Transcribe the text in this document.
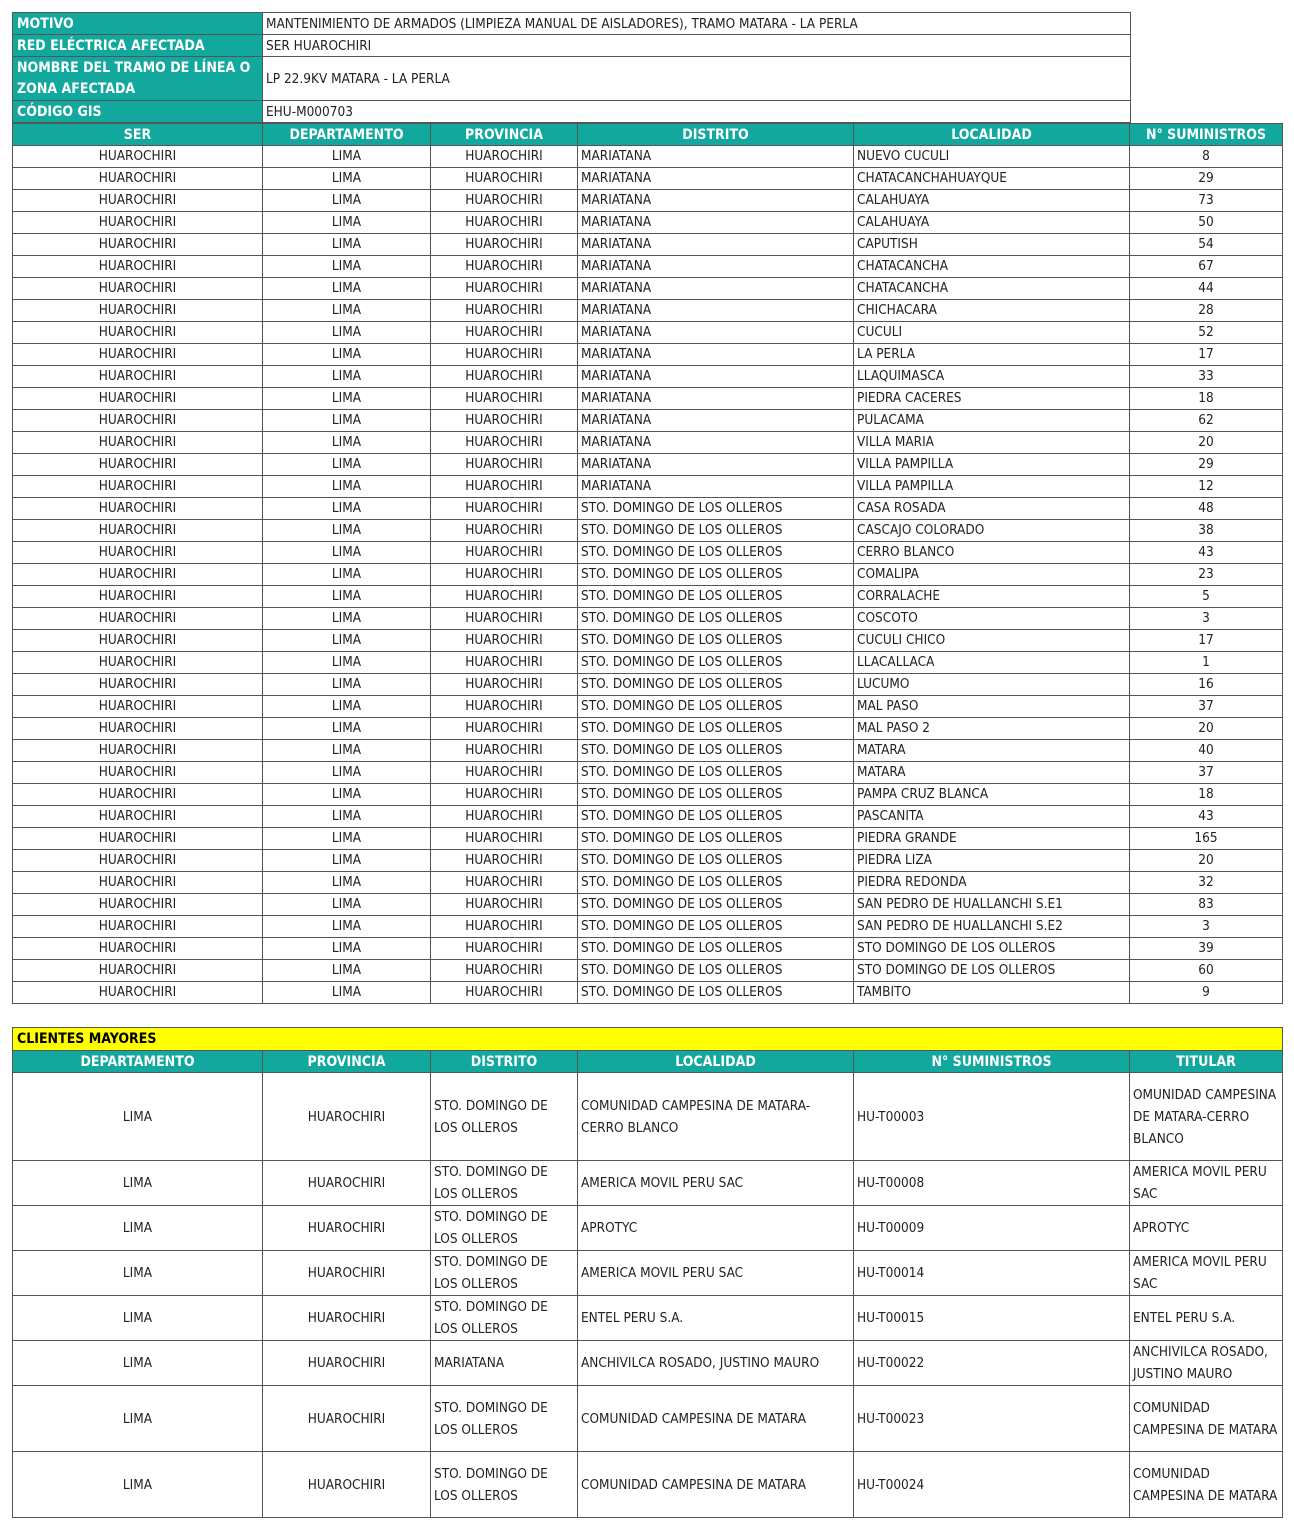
MOTIVO	MANTENIMIENTO DE ARMADOS (LIMPIEZA MANUAL DE AISLADORES), TRAMO MATARA - LA PERLA
RED ELÉCTRICA AFECTADA	SER HUAROCHIRI

NOMBRE DEL TRAMO DE LÍNEA O
ZONA AFECTADA	LP 22.9KV MATARA - LA PERLA
CÓDIGO GIS	EHU-M000703
SER	DEPARTAMENTO	PROVINCIA	DISTRITO	LOCALIDAD	N° SUMINISTROS
HUAROCHIRI	LIMA	HUAROCHIRI	MARIATANA	NUEVO CUCULI	8
HUAROCHIRI	LIMA	HUAROCHIRI	MARIATANA	CHATACANCHAHUAYQUE	29
HUAROCHIRI	LIMA	HUAROCHIRI	MARIATANA	CALAHUAYA	73
HUAROCHIRI	LIMA	HUAROCHIRI	MARIATANA	CALAHUAYA	50
HUAROCHIRI	LIMA	HUAROCHIRI	MARIATANA	CAPUTISH	54
HUAROCHIRI	LIMA	HUAROCHIRI	MARIATANA	CHATACANCHA	67
HUAROCHIRI	LIMA	HUAROCHIRI	MARIATANA	CHATACANCHA	44
HUAROCHIRI	LIMA	HUAROCHIRI	MARIATANA	CHICHACARA	28
HUAROCHIRI	LIMA	HUAROCHIRI	MARIATANA	CUCULI	52
HUAROCHIRI	LIMA	HUAROCHIRI	MARIATANA	LA PERLA	17
HUAROCHIRI	LIMA	HUAROCHIRI	MARIATANA	LLAQUIMASCA	33
HUAROCHIRI	LIMA	HUAROCHIRI	MARIATANA	PIEDRA CACERES	18
HUAROCHIRI	LIMA	HUAROCHIRI	MARIATANA	PULACAMA	62
HUAROCHIRI	LIMA	HUAROCHIRI	MARIATANA	VILLA MARIA	20
HUAROCHIRI	LIMA	HUAROCHIRI	MARIATANA	VILLA PAMPILLA	29
HUAROCHIRI	LIMA	HUAROCHIRI	MARIATANA	VILLA PAMPILLA	12
HUAROCHIRI	LIMA	HUAROCHIRI	STO. DOMINGO DE LOS OLLEROS	CASA ROSADA	48
HUAROCHIRI	LIMA	HUAROCHIRI	STO. DOMINGO DE LOS OLLEROS	CASCAJO COLORADO	38
HUAROCHIRI	LIMA	HUAROCHIRI	STO. DOMINGO DE LOS OLLEROS	CERRO BLANCO	43
HUAROCHIRI	LIMA	HUAROCHIRI	STO. DOMINGO DE LOS OLLEROS	COMALIPA	23
HUAROCHIRI	LIMA	HUAROCHIRI	STO. DOMINGO DE LOS OLLEROS	CORRALACHE	5
HUAROCHIRI	LIMA	HUAROCHIRI	STO. DOMINGO DE LOS OLLEROS	COSCOTO	3
HUAROCHIRI	LIMA	HUAROCHIRI	STO. DOMINGO DE LOS OLLEROS	CUCULI CHICO	17
HUAROCHIRI	LIMA	HUAROCHIRI	STO. DOMINGO DE LOS OLLEROS	LLACALLACA	1
HUAROCHIRI	LIMA	HUAROCHIRI	STO. DOMINGO DE LOS OLLEROS	LUCUMO	16
HUAROCHIRI	LIMA	HUAROCHIRI	STO. DOMINGO DE LOS OLLEROS	MAL PASO	37
HUAROCHIRI	LIMA	HUAROCHIRI	STO. DOMINGO DE LOS OLLEROS	MAL PASO 2	20
HUAROCHIRI	LIMA	HUAROCHIRI	STO. DOMINGO DE LOS OLLEROS	MATARA	40
HUAROCHIRI	LIMA	HUAROCHIRI	STO. DOMINGO DE LOS OLLEROS	MATARA	37
HUAROCHIRI	LIMA	HUAROCHIRI	STO. DOMINGO DE LOS OLLEROS	PAMPA CRUZ BLANCA	18
HUAROCHIRI	LIMA	HUAROCHIRI	STO. DOMINGO DE LOS OLLEROS	PASCANITA	43
HUAROCHIRI	LIMA	HUAROCHIRI	STO. DOMINGO DE LOS OLLEROS	PIEDRA GRANDE	165
HUAROCHIRI	LIMA	HUAROCHIRI	STO. DOMINGO DE LOS OLLEROS	PIEDRA LIZA	20
HUAROCHIRI	LIMA	HUAROCHIRI	STO. DOMINGO DE LOS OLLEROS	PIEDRA REDONDA	32
HUAROCHIRI	LIMA	HUAROCHIRI	STO. DOMINGO DE LOS OLLEROS	SAN PEDRO DE HUALLANCHI S.E1	83
HUAROCHIRI	LIMA	HUAROCHIRI	STO. DOMINGO DE LOS OLLEROS	SAN PEDRO DE HUALLANCHI S.E2	3
HUAROCHIRI	LIMA	HUAROCHIRI	STO. DOMINGO DE LOS OLLEROS	STO DOMINGO DE LOS OLLEROS	39
HUAROCHIRI	LIMA	HUAROCHIRI	STO. DOMINGO DE LOS OLLEROS	STO DOMINGO DE LOS OLLEROS	60
HUAROCHIRI	LIMA	HUAROCHIRI	STO. DOMINGO DE LOS OLLEROS	TAMBITO	9
CLIENTES MAYORES					
DEPARTAMENTO	PROVINCIA	DISTRITO	LOCALIDAD	N° SUMINISTROS	TITULAR
LIMA	HUAROCHIRI	STO. DOMINGO DE LOS OLLEROS	COMUNIDAD CAMPESINA DE MATARA-CERRO BLANCO	HU-T00003	OMUNIDAD CAMPESINA DE MATARA-CERRO BLANCO
LIMA	HUAROCHIRI	STO. DOMINGO DE LOS OLLEROS	AMERICA MOVIL PERU SAC	HU-T00008	AMERICA MOVIL PERU SAC
LIMA	HUAROCHIRI	STO. DOMINGO DE LOS OLLEROS	APROTYC	HU-T00009	APROTYC
LIMA	HUAROCHIRI	STO. DOMINGO DE LOS OLLEROS	AMERICA MOVIL PERU SAC	HU-T00014	AMERICA MOVIL PERU SAC
LIMA	HUAROCHIRI	STO. DOMINGO DE LOS OLLEROS	ENTEL PERU S.A.	HU-T00015	ENTEL PERU S.A.
LIMA	HUAROCHIRI	MARIATANA	ANCHIVILCA ROSADO, JUSTINO MAURO	HU-T00022	ANCHIVILCA ROSADO, JUSTINO MAURO
LIMA	HUAROCHIRI	STO. DOMINGO DE LOS OLLEROS	COMUNIDAD CAMPESINA DE MATARA	HU-T00023	COMUNIDAD CAMPESINA DE MATARA
LIMA	HUAROCHIRI	STO. DOMINGO DE LOS OLLEROS	COMUNIDAD CAMPESINA DE MATARA	HU-T00024	COMUNIDAD CAMPESINA DE MATARA
